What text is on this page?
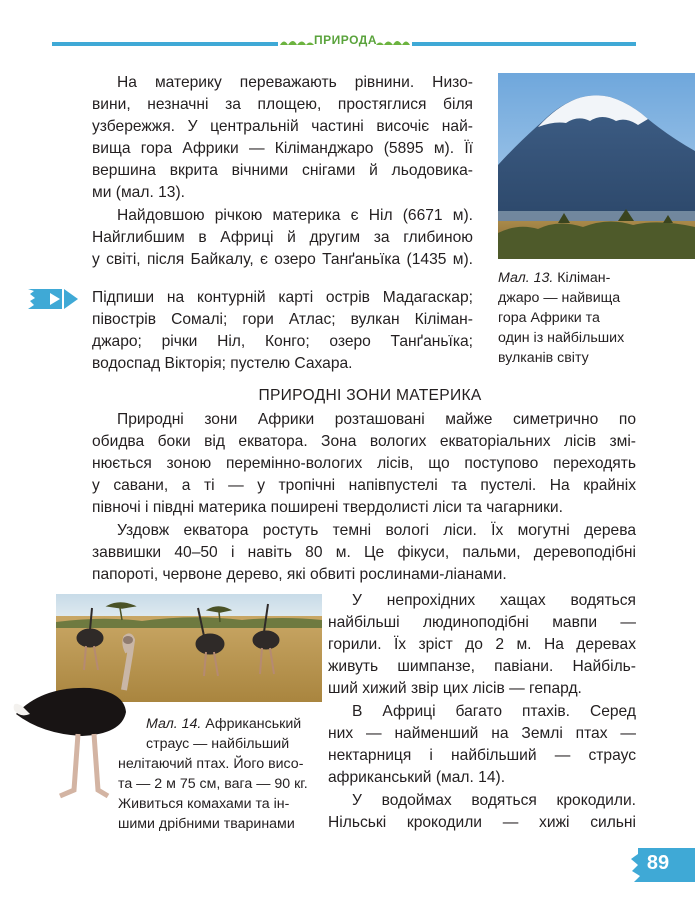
ПРИРОДА

На материку переважають рівнини. Низо-

вини, незначні за площею, простяглися біля

узбережжя. У центральній частині височіє най-

вища гора Африки — Кіліманджаро (5895 м). Її

вершина вкрита вічними снігами й льодовика-

ми (мал. 13).

Найдовшою річкою материка є Ніл (6671 м).

Найглибшим в Африці й другим за глибиною

у світі, після Байкалу, є озеро Танґаньїка (1435 м).

Мал. 13. Кіліман-

джаро — найвища

гора Африки та

один із найбільших

вулканів світу

Підпиши на контурній карті острів Мадагаскар;

півострів Сомалі; гори Атлас; вулкан Кіліман-

джаро; річки Ніл, Конго; озеро Танґаньїка;

водоспад Вікторія; пустелю Сахара.

ПРИРОДНІ ЗОНИ МАТЕРИКА

Природні зони Африки розташовані майже симетрично по

обидва боки від екватора. Зона вологих екваторіальних лісів змі-

нюється зоною перемінно-вологих лісів, що поступово переходять

у савани, а ті — у тропічні напівпустелі та пустелі. На крайніх

півночі і півдні материка поширені твердолисті ліси та чагарники.

Уздовж екватора ростуть темні вологі ліси. Їх могутні дерева

заввишки 40–50 і навіть 80 м. Це фікуси, пальми, деревоподібні

папороті, червоне дерево, які обвиті рослинами-ліанами.

Мал. 14. Африканський

страус — найбільший

нелітаючий птах. Його висо-

та — 2 м 75 см, вага — 90 кг.

Живиться комахами та ін-

шими дрібними тваринами

У непрохідних хащах водяться

найбільші людиноподібні мавпи —

горили. Їх зріст до 2 м. На деревах

живуть шимпанзе, павіани. Найбіль-

ший хижий звір цих лісів — гепард.

В Африці багато птахів. Серед

них — найменший на Землі птах —

нектарниця і найбільший — страус

африканський (мал. 14).

У водоймах водяться крокодили.

Нільські крокодили — хижі сильні

89
